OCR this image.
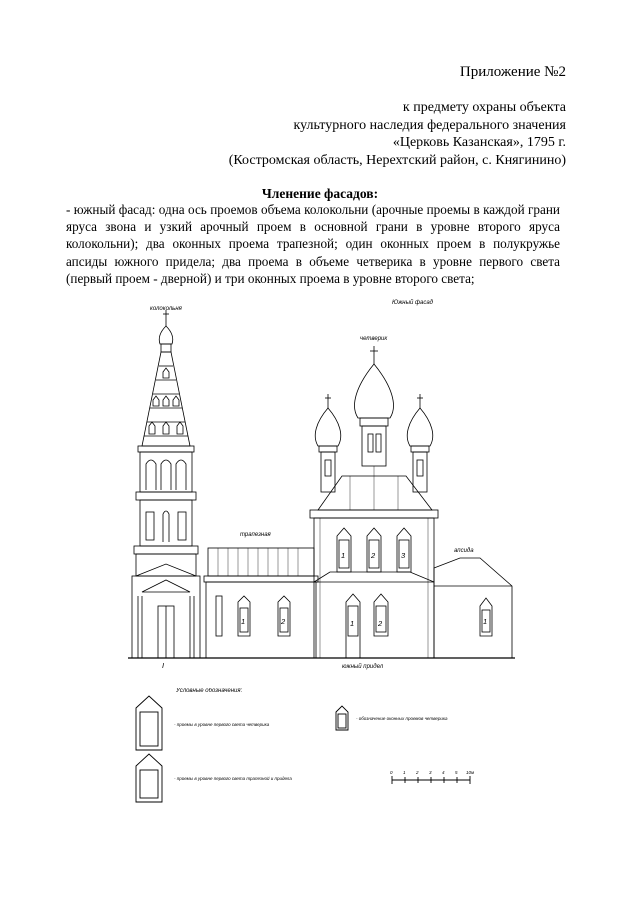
Приложение №2
к предмету охраны объекта
культурного наследия федерального значения
«Церковь Казанская», 1795 г.
(Костромская область, Нерехтский район, с. Княгинино)
Членение фасадов:
- южный фасад: одна ось проемов объема колокольни (арочные проемы в каждой грани яруса звона и узкий арочный проем в основной грани в уровне второго яруса колокольни); два оконных проема трапезной; один оконных проем в полукружье апсиды южного придела; два проема в объеме четверика в уровне первого света (первый проем - дверной) и три оконных проема в уровне второго света;
Южный фасад
колокольня
четверик
трапезная
апсида
южный придел
I
1	2	3
1	2
1	2	1
Условные обозначения:
- проемы в уровне первого света четверика
- проемы в уровне первого света трапезной и придела
- обозначение оконных проемов четверика
0 1 2 3 4 5 10м
